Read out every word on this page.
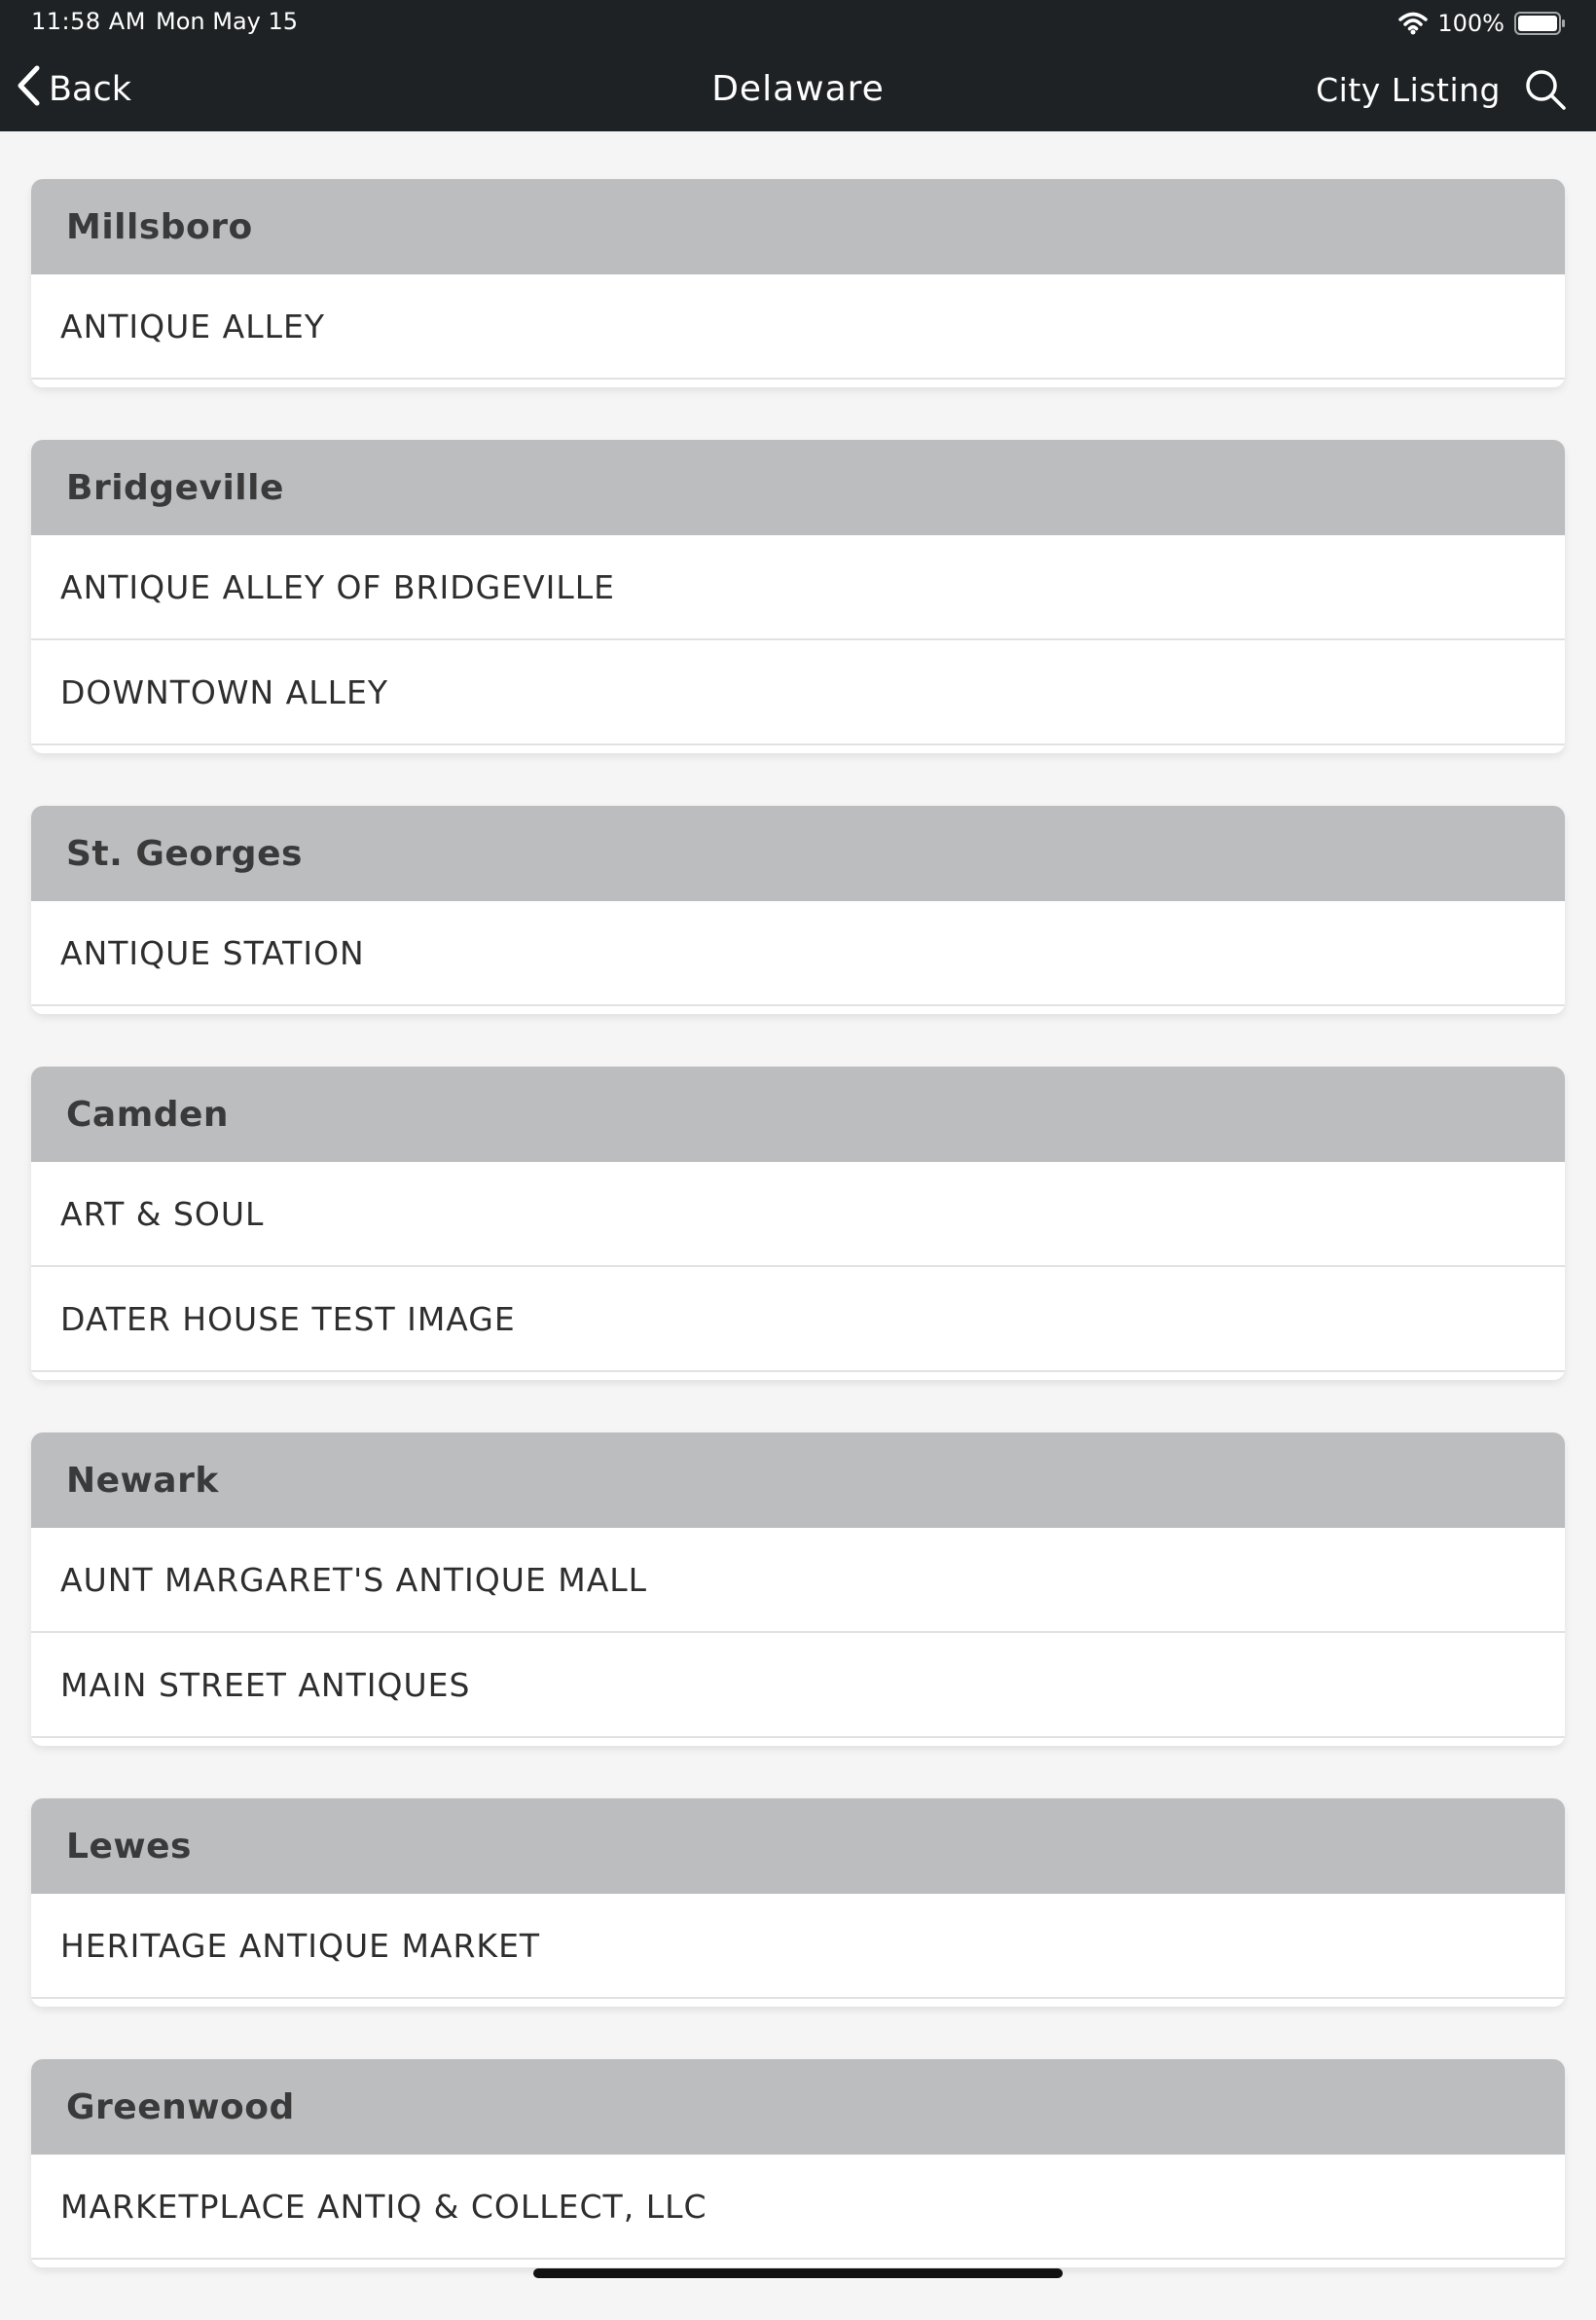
11:58 AM Mon May 15	100%
Back	Delaware	City Listing
Millsboro
ANTIQUE ALLEY
Bridgeville
ANTIQUE ALLEY OF BRIDGEVILLE
DOWNTOWN ALLEY
St. Georges
ANTIQUE STATION
Camden
ART & SOUL
DATER HOUSE TEST IMAGE
Newark
AUNT MARGARET'S ANTIQUE MALL
MAIN STREET ANTIQUES
Lewes
HERITAGE ANTIQUE MARKET
Greenwood
MARKETPLACE ANTIQ & COLLECT, LLC
